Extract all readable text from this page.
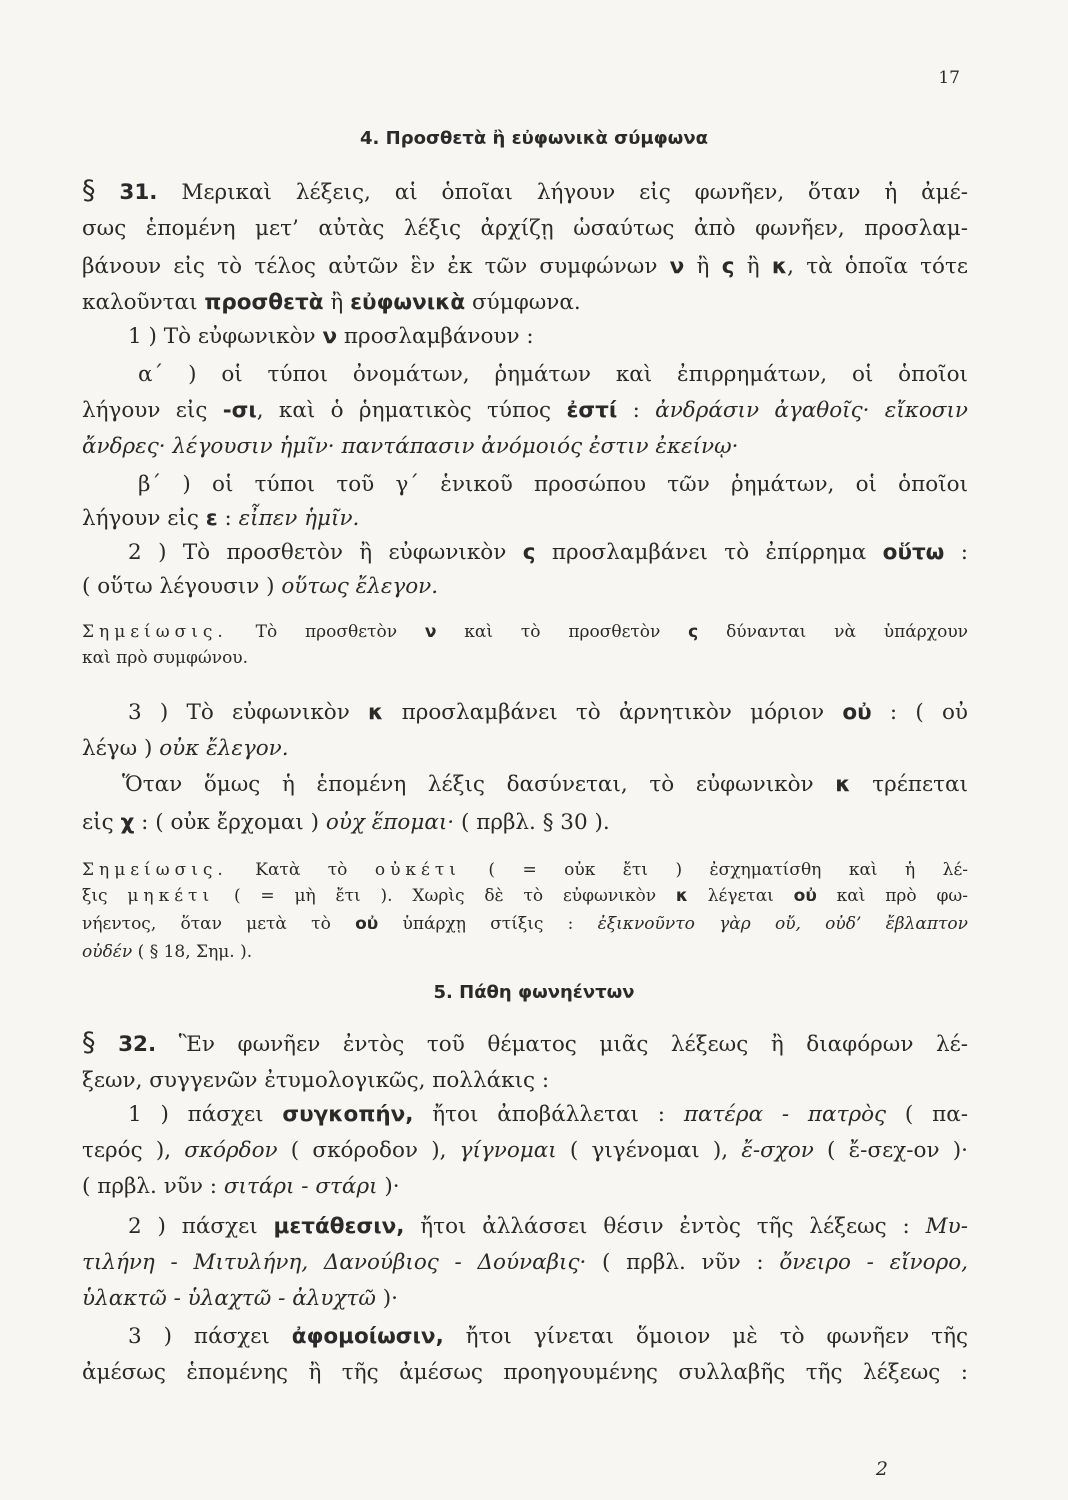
17
4. Προσθετὰ ἢ εὐφωνικὰ σύμφωνα
§ 31. Μερικαὶ λέξεις, αἱ ὁποῖαι λήγουν εἰς φωνῆεν, ὅταν ἡ ἀμέ-
σως ἑπομένη μετ’ αὐτὰς λέξις ἀρχίζῃ ὡσαύτως ἀπὸ φωνῆεν, προσλαμ-
βάνουν εἰς τὸ τέλος αὐτῶν ἓν ἐκ τῶν συμφώνων ν ἢ ς ἢ κ, τὰ ὁποῖα τότε
καλοῦνται προσθετὰ ἢ εὐφωνικὰ σύμφωνα.
1 ) Τὸ εὐφωνικὸν ν προσλαμβάνουν :
α΄ ) οἱ τύποι ὀνομάτων, ῥημάτων καὶ ἐπιρρημάτων, οἱ ὁποῖοι
λήγουν εἰς -σι, καὶ ὁ ῥηματικὸς τύπος ἐστί : ἀνδράσιν ἀγαθοῖς· εἴκοσιν
ἄνδρες· λέγουσιν ἡμῖν· παντάπασιν ἀνόμοιός ἐστιν ἐκείνῳ·
β΄ ) οἱ τύποι τοῦ γ΄ ἑνικοῦ προσώπου τῶν ῥημάτων, οἱ ὁποῖοι
λήγουν εἰς ε : εἶπεν ἡμῖν.
2 ) Τὸ προσθετὸν ἢ εὐφωνικὸν ς προσλαμβάνει τὸ ἐπίρρημα οὕτω :
( οὕτω λέγουσιν ) οὕτως ἔλεγον.
Σημείωσις. Τὸ προσθετὸν ν καὶ τὸ προσθετὸν ς δύνανται νὰ ὑπάρχουν
καὶ πρὸ συμφώνου.
3 ) Τὸ εὐφωνικὸν κ προσλαμβάνει τὸ ἀρνητικὸν μόριον οὐ : ( οὐ
λέγω ) οὐκ ἔλεγον.
Ὅταν ὅμως ἡ ἑπομένη λέξις δασύνεται, τὸ εὐφωνικὸν κ τρέπεται
εἰς χ : ( οὐκ ἔρχομαι ) οὐχ ἕπομαι· ( πρβλ. § 30 ).
Σημείωσις. Κατὰ τὸ οὐκέτι ( = οὐκ ἔτι ) ἐσχηματίσθη καὶ ἡ λέ-
ξις μηκέτι ( = μὴ ἔτι ). Χωρὶς δὲ τὸ εὐφωνικὸν κ λέγεται οὐ καὶ πρὸ φω-
νήεντος, ὅταν μετὰ τὸ οὐ ὑπάρχῃ στίξις : ἐξικνοῦντο γὰρ οὔ, οὐδ’ ἔβλαπτον
οὐδέν ( § 18, Σημ. ).
5. Πάθη φωνηέντων
§ 32. Ἓν φωνῆεν ἐντὸς τοῦ θέματος μιᾶς λέξεως ἢ διαφόρων λέ-
ξεων, συγγενῶν ἐτυμολογικῶς, πολλάκις :
1 ) πάσχει συγκοπήν, ἤτοι ἀποβάλλεται : πατέρα - πατρὸς ( πα-
τερός ), σκόρδον ( σκόροδον ), γίγνομαι ( γιγένομαι ), ἔ-σχον ( ἔ-σεχ-ον )·
( πρβλ. νῦν : σιτάρι - στάρι )·
2 ) πάσχει μετάθεσιν, ἤτοι ἀλλάσσει θέσιν ἐντὸς τῆς λέξεως : Μυ-
τιλήνη - Μιτυλήνη, Δανούβιος - Δούναβις· ( πρβλ. νῦν : ὄνειρο - εἴνορο,
ὑλακτῶ - ὑλαχτῶ - ἀλυχτῶ )·
3 ) πάσχει ἀφομοίωσιν, ἤτοι γίνεται ὅμοιον μὲ τὸ φωνῆεν τῆς
ἀμέσως ἑπομένης ἢ τῆς ἀμέσως προηγουμένης συλλαβῆς τῆς λέξεως :
2
